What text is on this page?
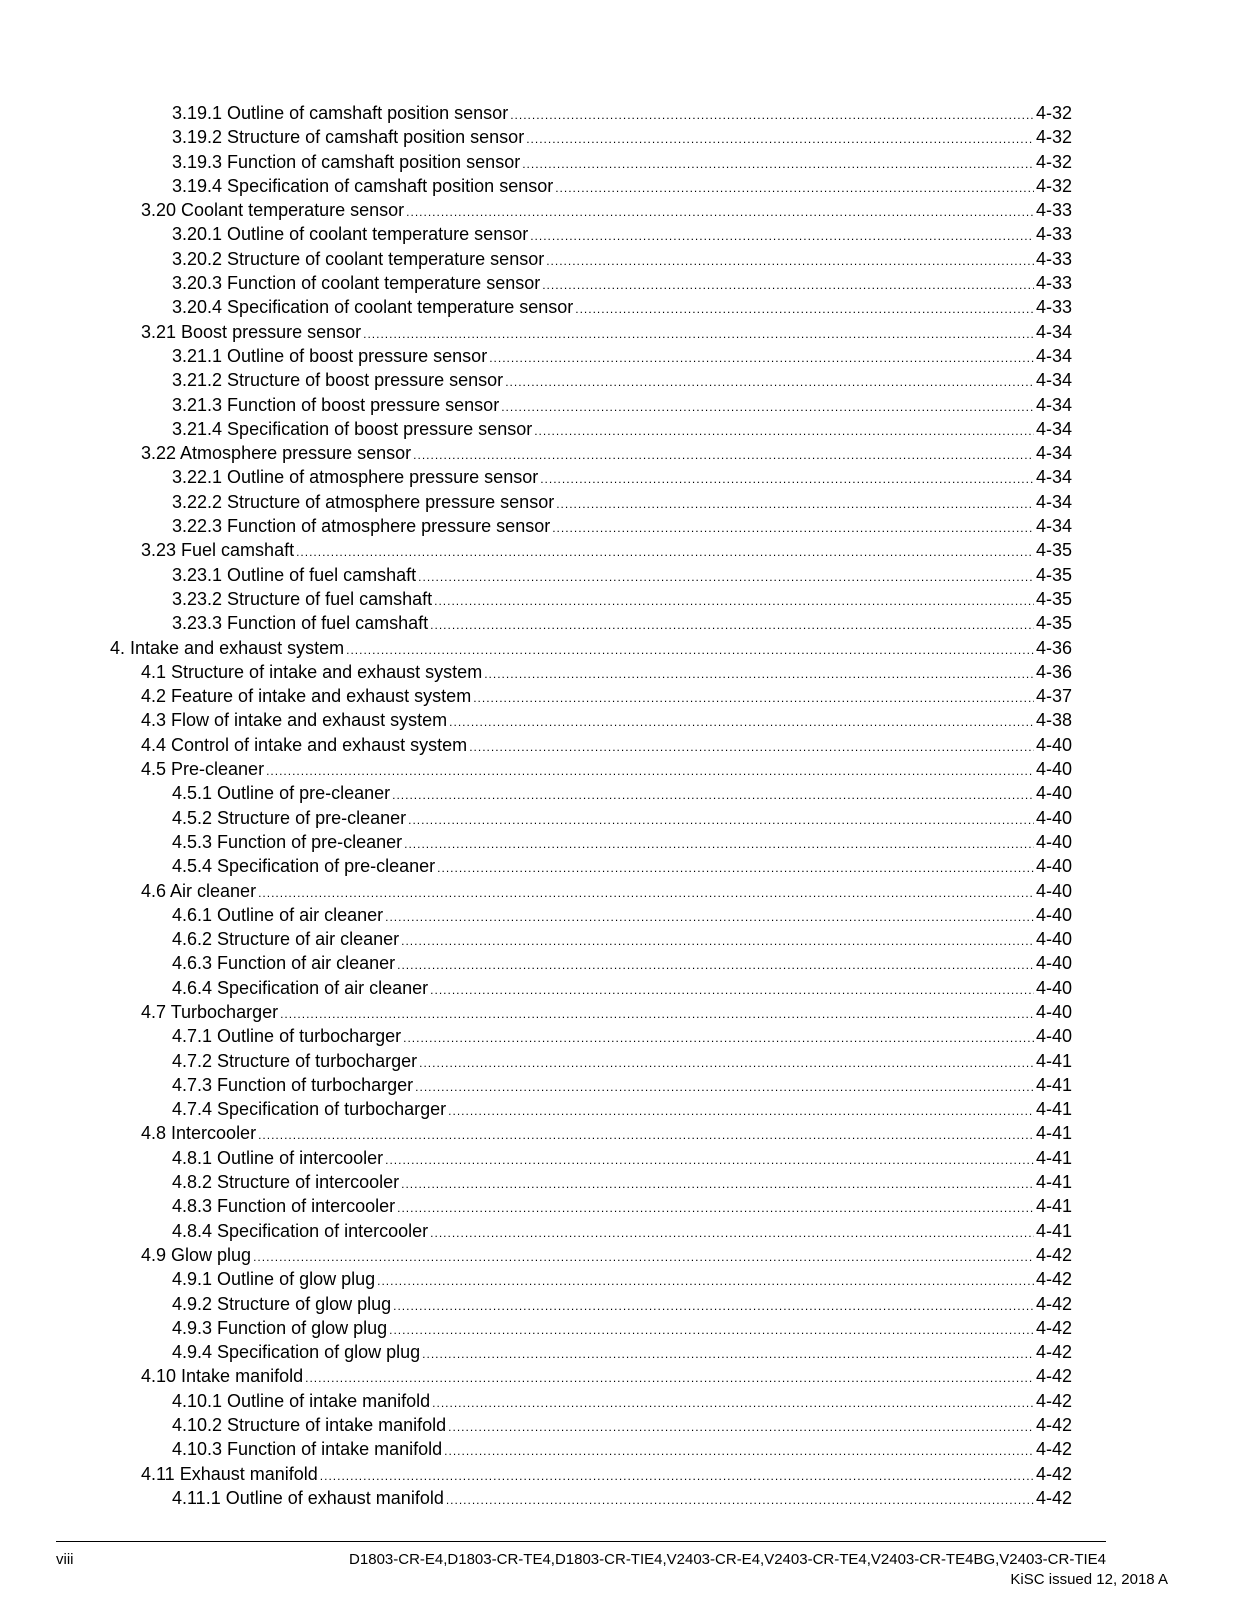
3.19.1 Outline of camshaft position sensor .....	4-32
3.19.2 Structure of camshaft position sensor .....	4-32
3.19.3 Function of camshaft position sensor .....	4-32
3.19.4 Specification of camshaft position sensor .....	4-32
3.20 Coolant temperature sensor .....	4-33
3.20.1 Outline of coolant temperature sensor .....	4-33
3.20.2 Structure of coolant temperature sensor .....	4-33
3.20.3 Function of coolant temperature sensor .....	4-33
3.20.4 Specification of coolant temperature sensor .....	4-33
3.21 Boost pressure sensor .....	4-34
3.21.1 Outline of boost pressure sensor .....	4-34
3.21.2 Structure of boost pressure sensor .....	4-34
3.21.3 Function of boost pressure sensor .....	4-34
3.21.4 Specification of boost pressure sensor .....	4-34
3.22 Atmosphere pressure sensor .....	4-34
3.22.1 Outline of atmosphere pressure sensor .....	4-34
3.22.2 Structure of atmosphere pressure sensor .....	4-34
3.22.3 Function of atmosphere pressure sensor .....	4-34
3.23 Fuel camshaft .....	4-35
3.23.1 Outline of fuel camshaft .....	4-35
3.23.2 Structure of fuel camshaft .....	4-35
3.23.3 Function of fuel camshaft .....	4-35
4. Intake and exhaust system .....	4-36
4.1 Structure of intake and exhaust system .....	4-36
4.2 Feature of intake and exhaust system .....	4-37
4.3 Flow of intake and exhaust system .....	4-38
4.4 Control of intake and exhaust system .....	4-40
4.5 Pre-cleaner .....	4-40
4.5.1 Outline of pre-cleaner .....	4-40
4.5.2 Structure of pre-cleaner .....	4-40
4.5.3 Function of pre-cleaner .....	4-40
4.5.4 Specification of pre-cleaner .....	4-40
4.6 Air cleaner .....	4-40
4.6.1 Outline of air cleaner .....	4-40
4.6.2 Structure of air cleaner .....	4-40
4.6.3 Function of air cleaner .....	4-40
4.6.4 Specification of air cleaner .....	4-40
4.7 Turbocharger .....	4-40
4.7.1 Outline of turbocharger .....	4-40
4.7.2 Structure of turbocharger .....	4-41
4.7.3 Function of turbocharger .....	4-41
4.7.4 Specification of turbocharger .....	4-41
4.8 Intercooler .....	4-41
4.8.1 Outline of intercooler .....	4-41
4.8.2 Structure of intercooler .....	4-41
4.8.3 Function of intercooler .....	4-41
4.8.4 Specification of intercooler .....	4-41
4.9 Glow plug .....	4-42
4.9.1 Outline of glow plug .....	4-42
4.9.2 Structure of glow plug .....	4-42
4.9.3 Function of glow plug .....	4-42
4.9.4 Specification of glow plug .....	4-42
4.10 Intake manifold .....	4-42
4.10.1 Outline of intake manifold .....	4-42
4.10.2 Structure of intake manifold .....	4-42
4.10.3 Function of intake manifold .....	4-42
4.11 Exhaust manifold .....	4-42
4.11.1 Outline of exhaust manifold .....	4-42
viii	D1803-CR-E4,D1803-CR-TE4,D1803-CR-TIE4,V2403-CR-E4,V2403-CR-TE4,V2403-CR-TE4BG,V2403-CR-TIE4
KiSC issued 12, 2018 A
